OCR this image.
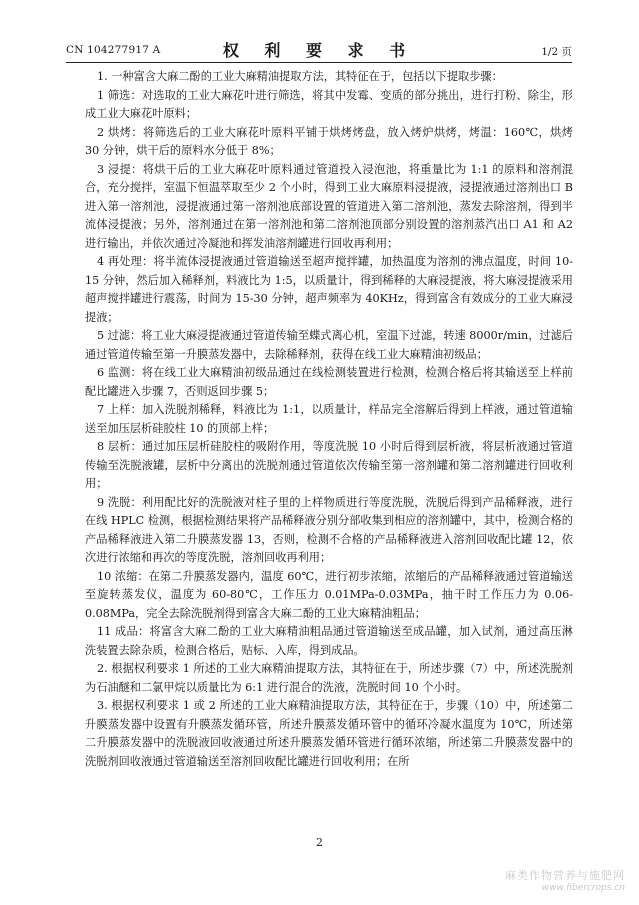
CN 104277917 A	权 利 要 求 书	1/2 页

1. 一种富含大麻二酚的工业大麻精油提取方法，其特征在于，包括以下提取步骤：

1 筛选：对选取的工业大麻花叶进行筛选，将其中发霉、变质的部分挑出，进行打粉、除尘，形成工业大麻花叶原料；

2 烘烤：将筛选后的工业大麻花叶原料平铺于烘烤烤盘，放入烤炉烘烤，烤温：160℃，烘烤 30 分钟，烘干后的原料水分低于 8%；

3 浸提：将烘干后的工业大麻花叶原料通过管道投入浸泡池，将重量比为 1:1 的原料和溶剂混合，充分搅拌，室温下恒温萃取至少 2 个小时，得到工业大麻原料浸提液，浸提液通过溶剂出口 B 进入第一溶剂池，浸提液通过第一溶剂池底部设置的管道进入第二溶剂池，蒸发去除溶剂，得到半流体浸提液；另外，溶剂通过在第一溶剂池和第二溶剂池顶部分别设置的溶剂蒸汽出口 A1 和 A2 进行输出，并依次通过冷凝池和挥发油溶剂罐进行回收再利用；

4 再处理：将半流体浸提液通过管道输送至超声搅拌罐，加热温度为溶剂的沸点温度，时间 10-15 分钟，然后加入稀释剂，料液比为 1:5，以质量计，得到稀释的大麻浸提液，将大麻浸提液采用超声搅拌罐进行震荡，时间为 15-30 分钟，超声频率为 40KHz，得到富含有效成分的工业大麻浸提液；

5 过滤：将工业大麻浸提液通过管道传输至蝶式离心机，室温下过滤，转速 8000r/min，过滤后通过管道传输至第一升膜蒸发器中，去除稀释剂，获得在线工业大麻精油初级品；

6 监测：将在线工业大麻精油初级品通过在线检测装置进行检测，检测合格后将其输送至上样前配比罐进入步骤 7，否则返回步骤 5；

7 上样：加入洗脱剂稀释，料液比为 1:1，以质量计，样品完全溶解后得到上样液，通过管道输送至加压层析硅胶柱 10 的顶部上样；

8 层析：通过加压层析硅胶柱的吸附作用，等度洗脱 10 小时后得到层析液，将层析液通过管道传输至洗脱液罐，层析中分离出的洗脱剂通过管道依次传输至第一溶剂罐和第二溶剂罐进行回收利用；

9 洗脱：利用配比好的洗脱液对柱子里的上样物质进行等度洗脱，洗脱后得到产品稀释液，进行在线 HPLC 检测，根据检测结果将产品稀释液分别分部收集到相应的溶剂罐中，其中，检测合格的产品稀释液进入第二升膜蒸发器 13，否则，检测不合格的产品稀释液进入溶剂回收配比罐 12，依次进行浓缩和再次的等度洗脱，溶剂回收再利用；

10 浓缩：在第二升膜蒸发器内，温度 60℃，进行初步浓缩，浓缩后的产品稀释液通过管道输送至旋转蒸发仪，温度为 60-80℃，工作压力 0.01MPa-0.03MPa，抽干时工作压力为 0.06-0.08MPa，完全去除洗脱剂得到富含大麻二酚的工业大麻精油粗品；

11 成品：将富含大麻二酚的工业大麻精油粗品通过管道输送至成品罐，加入试剂，通过高压淋洗装置去除杂质，检测合格后，贴标、入库，得到成品。

2. 根据权利要求 1 所述的工业大麻精油提取方法，其特征在于，所述步骤（7）中，所述洗脱剂为石油醚和二氯甲烷以质量比为 6:1 进行混合的洗液，洗脱时间 10 个小时。

3. 根据权利要求 1 或 2 所述的工业大麻精油提取方法，其特征在于，步骤（10）中，所述第二升膜蒸发器中设置有升膜蒸发循环管，所述升膜蒸发循环管中的循环冷凝水温度为 10℃，所述第二升膜蒸发器中的洗脱液回收液通过所述升膜蒸发循环管进行循环浓缩，所述第二升膜蒸发器中的洗脱剂回收液通过管道输送至溶剂回收配比罐进行回收利用；在所

2
麻类作物营养与施肥网
www.fibercrops.cn
